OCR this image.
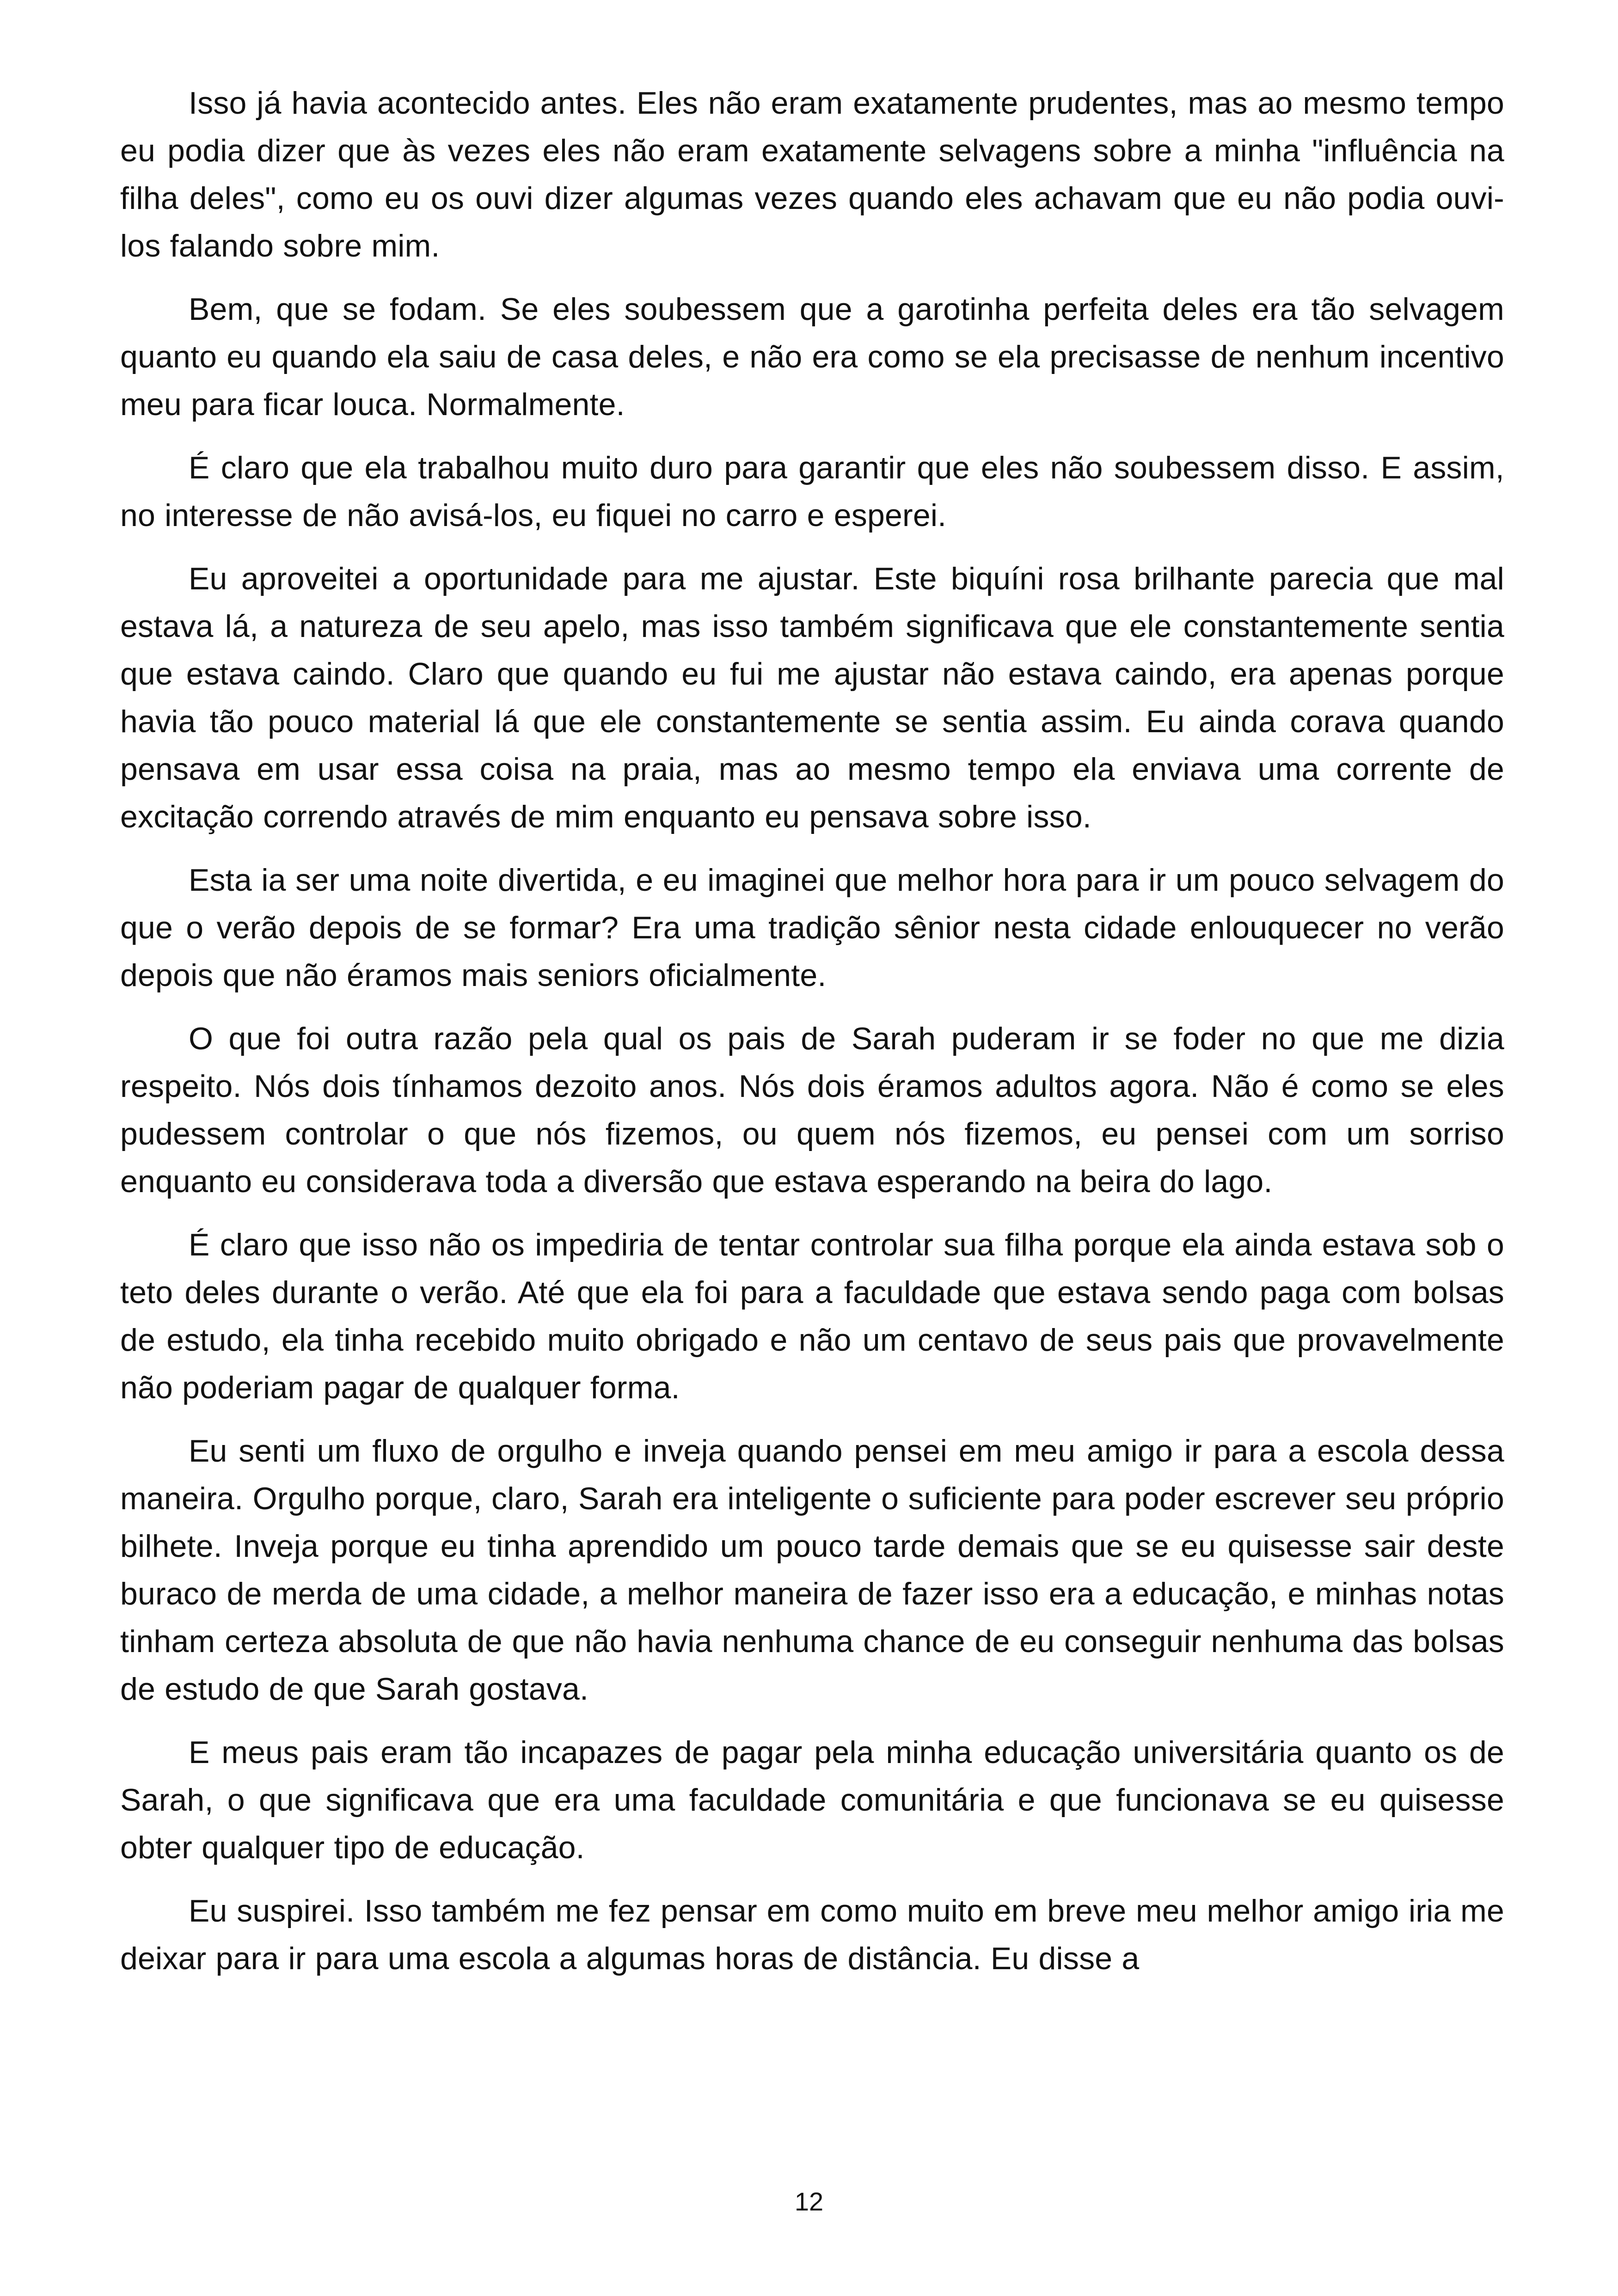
Isso já havia acontecido antes. Eles não eram exatamente prudentes, mas ao mesmo tempo eu podia dizer que às vezes eles não eram exatamente selvagens sobre a minha "influência na filha deles", como eu os ouvi dizer algumas vezes quando eles achavam que eu não podia ouvi-los falando sobre mim.

Bem, que se fodam. Se eles soubessem que a garotinha perfeita deles era tão selvagem quanto eu quando ela saiu de casa deles, e não era como se ela precisasse de nenhum incentivo meu para ficar louca. Normalmente.

É claro que ela trabalhou muito duro para garantir que eles não soubessem disso. E assim, no interesse de não avisá-los, eu fiquei no carro e esperei.

Eu aproveitei a oportunidade para me ajustar. Este biquíni rosa brilhante parecia que mal estava lá, a natureza de seu apelo, mas isso também significava que ele constantemente sentia que estava caindo. Claro que quando eu fui me ajustar não estava caindo, era apenas porque havia tão pouco material lá que ele constantemente se sentia assim. Eu ainda corava quando pensava em usar essa coisa na praia, mas ao mesmo tempo ela enviava uma corrente de excitação correndo através de mim enquanto eu pensava sobre isso.

Esta ia ser uma noite divertida, e eu imaginei que melhor hora para ir um pouco selvagem do que o verão depois de se formar? Era uma tradição sênior nesta cidade enlouquecer no verão depois que não éramos mais seniors oficialmente.

O que foi outra razão pela qual os pais de Sarah puderam ir se foder no que me dizia respeito. Nós dois tínhamos dezoito anos. Nós dois éramos adultos agora. Não é como se eles pudessem controlar o que nós fizemos, ou quem nós fizemos, eu pensei com um sorriso enquanto eu considerava toda a diversão que estava esperando na beira do lago.

É claro que isso não os impediria de tentar controlar sua filha porque ela ainda estava sob o teto deles durante o verão. Até que ela foi para a faculdade que estava sendo paga com bolsas de estudo, ela tinha recebido muito obrigado e não um centavo de seus pais que provavelmente não poderiam pagar de qualquer forma.

Eu senti um fluxo de orgulho e inveja quando pensei em meu amigo ir para a escola dessa maneira. Orgulho porque, claro, Sarah era inteligente o suficiente para poder escrever seu próprio bilhete. Inveja porque eu tinha aprendido um pouco tarde demais que se eu quisesse sair deste buraco de merda de uma cidade, a melhor maneira de fazer isso era a educação, e minhas notas tinham certeza absoluta de que não havia nenhuma chance de eu conseguir nenhuma das bolsas de estudo de que Sarah gostava.

E meus pais eram tão incapazes de pagar pela minha educação universitária quanto os de Sarah, o que significava que era uma faculdade comunitária e que funcionava se eu quisesse obter qualquer tipo de educação.

Eu suspirei. Isso também me fez pensar em como muito em breve meu melhor amigo iria me deixar para ir para uma escola a algumas horas de distância. Eu disse a

12
